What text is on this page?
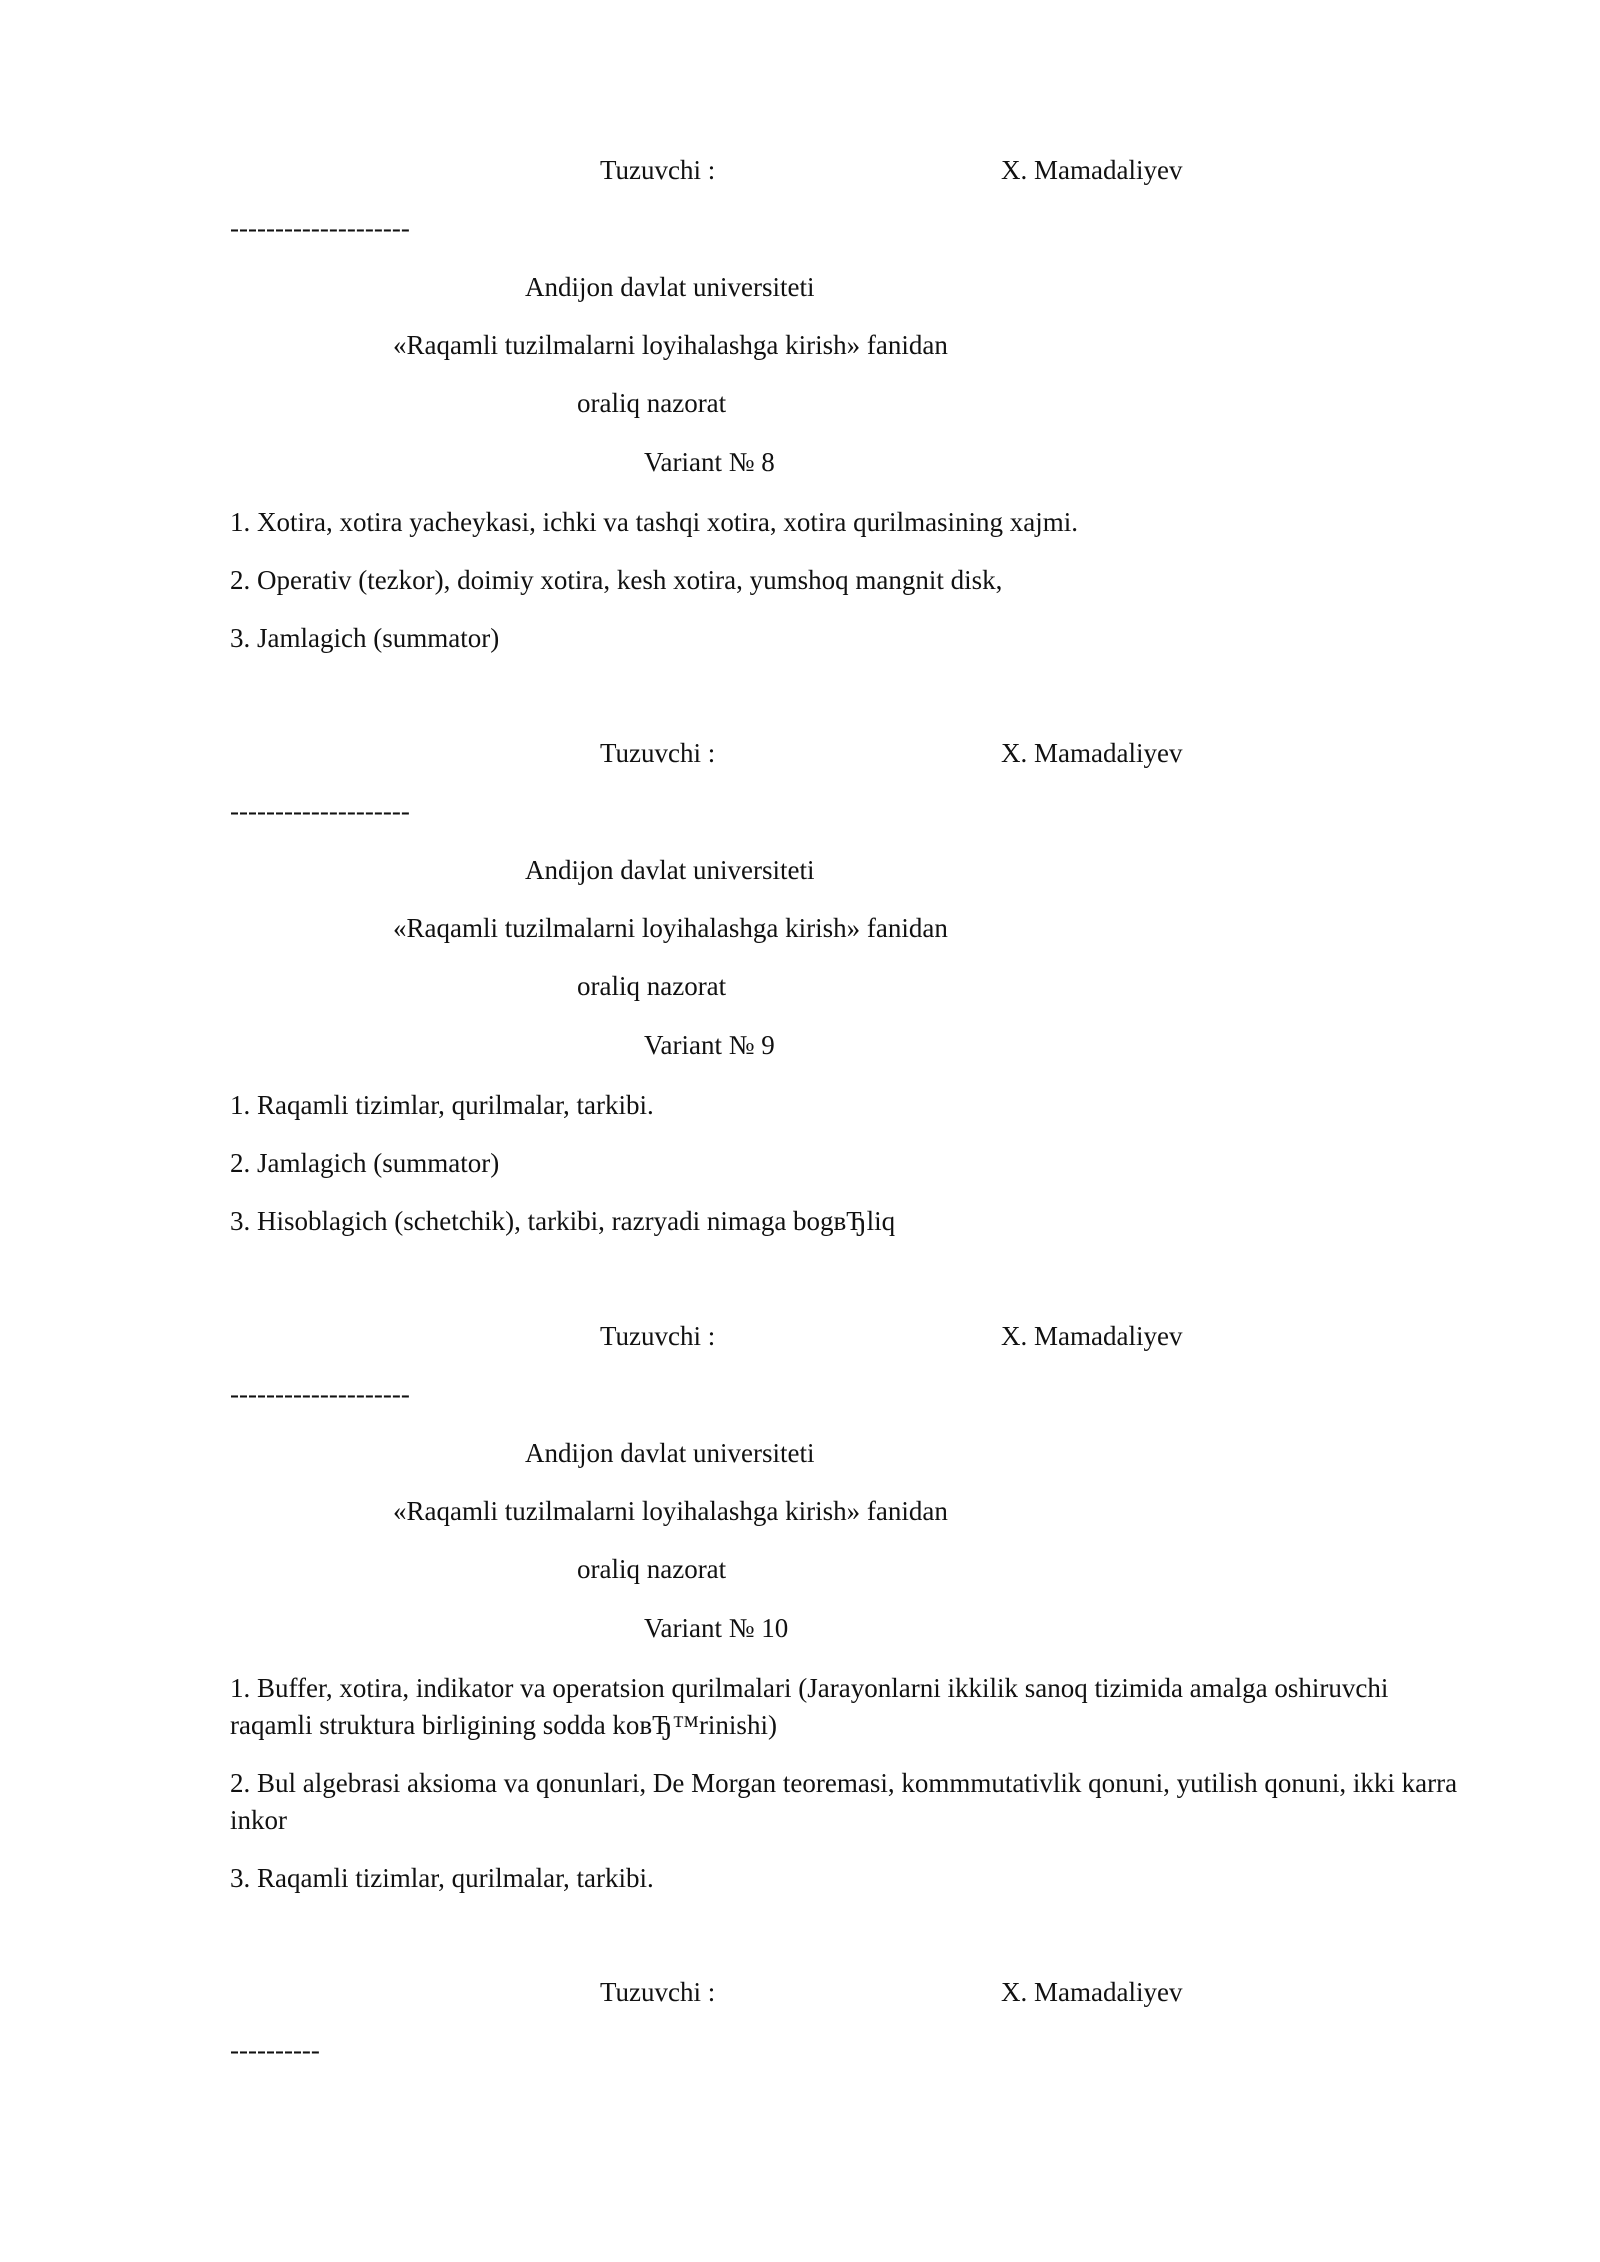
Tuzuvchi :	X. Mamadaliyev
--------------------
Andijon davlat universiteti
«Raqamli tuzilmalarni loyihalashga kirish» fanidan
oraliq nazorat
Variant № 8
1. Xotira, xotira yacheykasi, ichki va tashqi xotira, xotira qurilmasining xajmi.
2. Operativ (tezkor), doimiy xotira, kesh xotira, yumshoq mangnit disk,
3. Jamlagich (summator)
Tuzuvchi :	X. Mamadaliyev
--------------------
Andijon davlat universiteti
«Raqamli tuzilmalarni loyihalashga kirish» fanidan
oraliq nazorat
Variant № 9
1. Raqamli tizimlar, qurilmalar, tarkibi.
2. Jamlagich (summator)
3. Hisoblagich (schetchik), tarkibi, razryadi nimaga bogвЂliq
Tuzuvchi :	X. Mamadaliyev
--------------------
Andijon davlat universiteti
«Raqamli tuzilmalarni loyihalashga kirish» fanidan
oraliq nazorat
Variant № 10
1. Buffer, xotira, indikator va operatsion qurilmalari (Jarayonlarni ikkilik sanoq tizimida amalga oshiruvchi raqamli struktura birligining sodda koвЂ™rinishi)
2. Bul algebrasi aksioma va qonunlari, De Morgan teoremasi, kommmutativlik qonuni, yutilish qonuni, ikki karra inkor
3. Raqamli tizimlar, qurilmalar, tarkibi.
Tuzuvchi :	X. Mamadaliyev
----------
